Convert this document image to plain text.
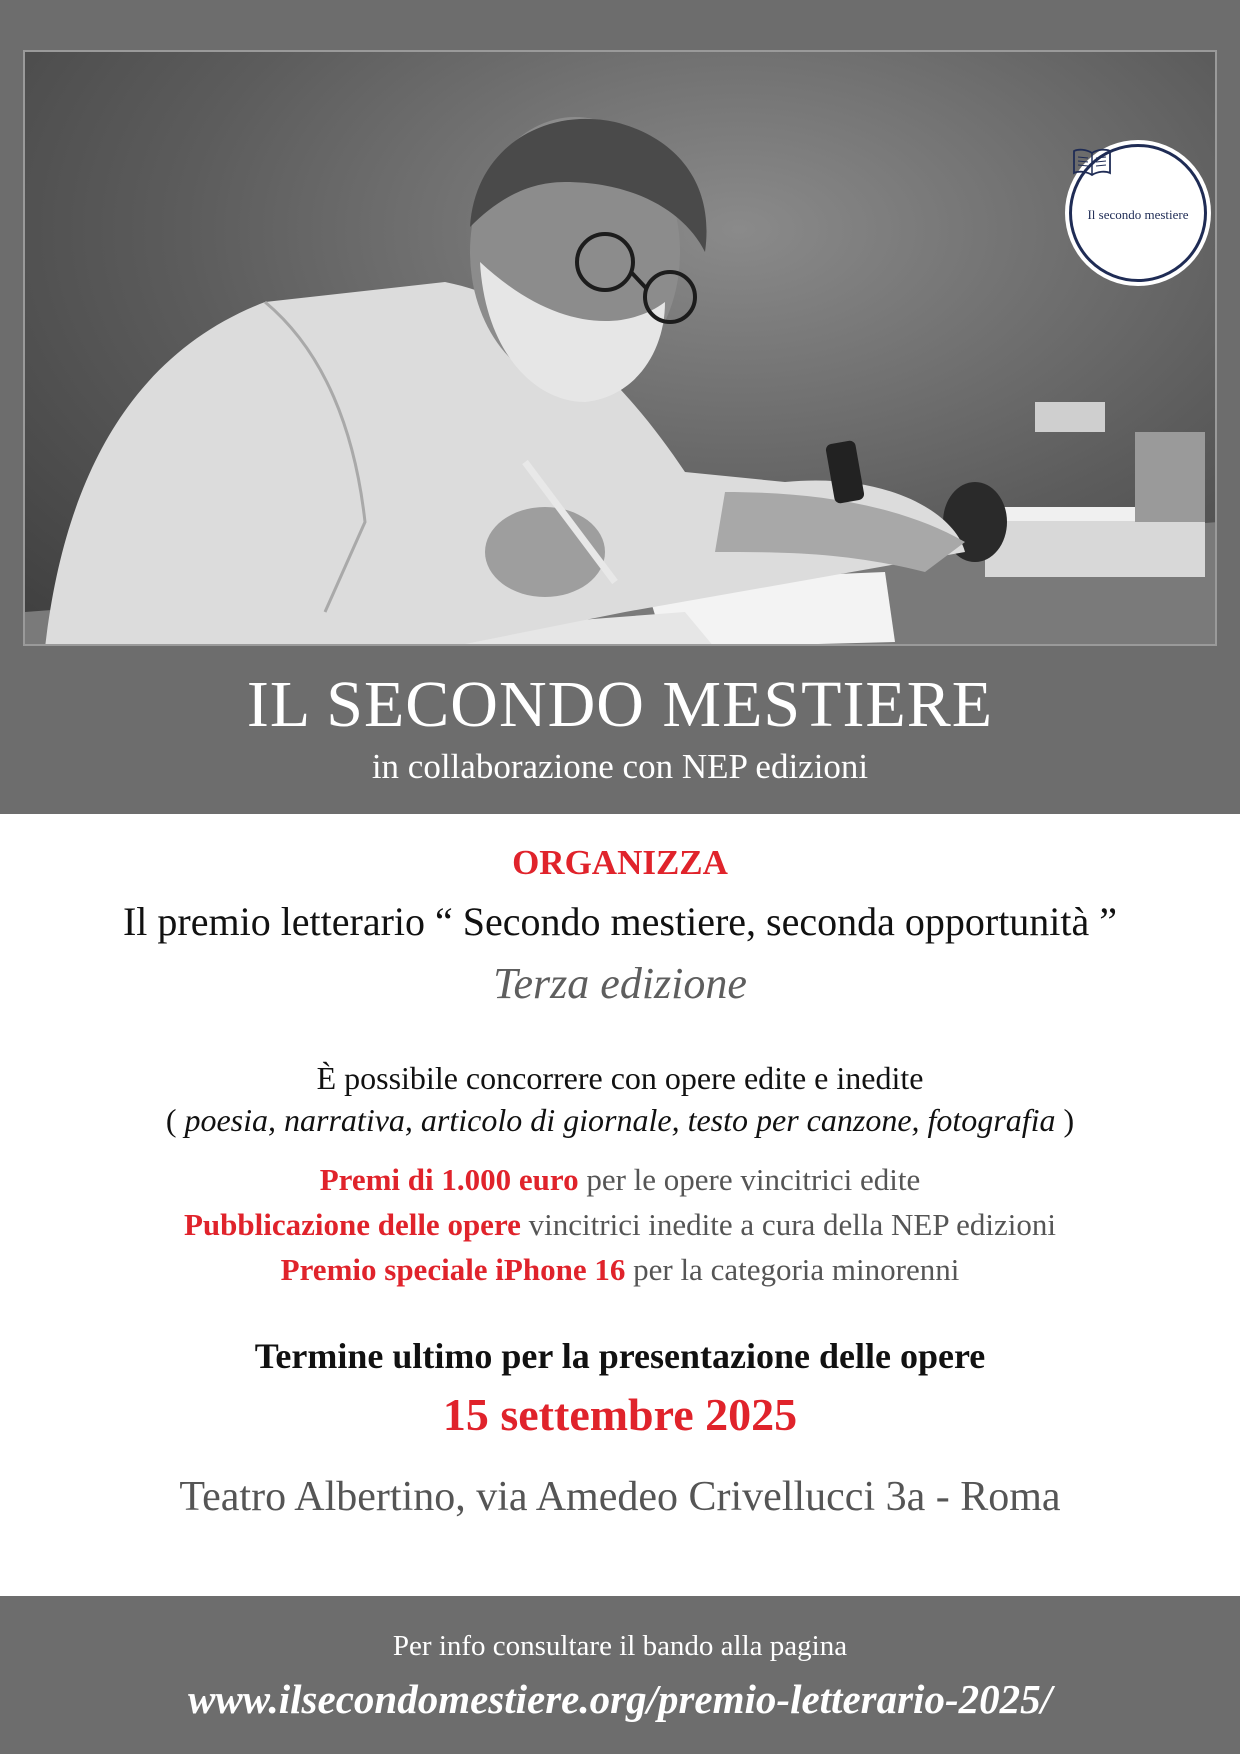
Il secondo mestiere
IL SECONDO MESTIERE
in collaborazione con NEP edizioni
ORGANIZZA
Il premio letterario “ Secondo mestiere, seconda opportunità ”
Terza edizione
È possibile concorrere con opere edite e inedite
( poesia, narrativa, articolo di giornale, testo per canzone, fotografia )
Premi di 1.000 euro per le opere vincitrici edite
Pubblicazione delle opere vincitrici inedite a cura della NEP edizioni
Premio speciale iPhone 16 per la categoria minorenni
Termine ultimo per la presentazione delle opere
15 settembre 2025
Teatro Albertino, via Amedeo Crivellucci 3a - Roma
Per info consultare il bando alla pagina
www.ilsecondomestiere.org/premio-letterario-2025/
